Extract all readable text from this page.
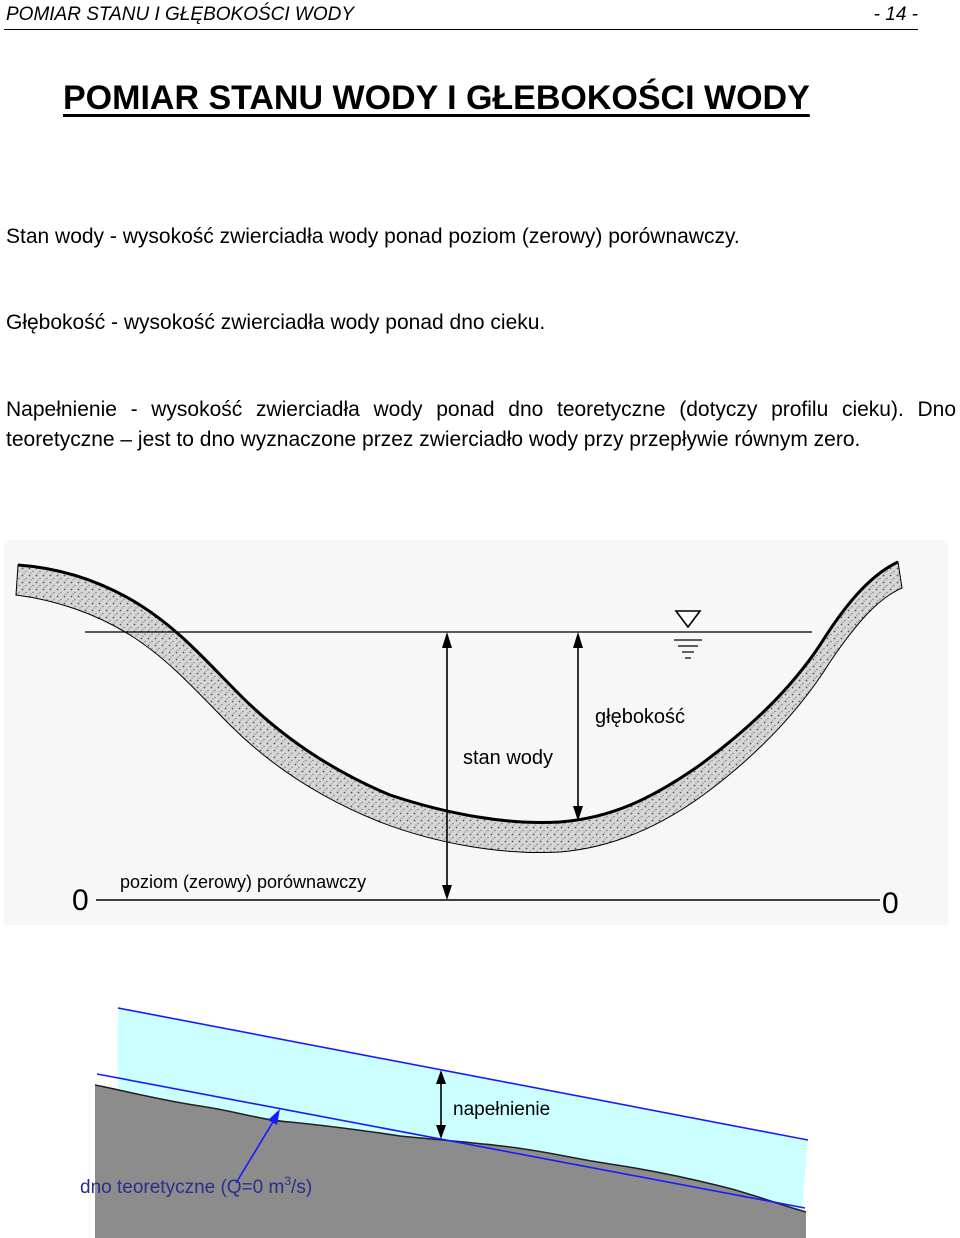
POMIAR STANU I GŁĘBOKOŚCI WODY	- 14 -
POMIAR STANU WODY I GŁEBOKOŚCI WODY

Stan wody - wysokość zwierciadła wody ponad poziom (zerowy) porównawczy.

Głębokość - wysokość zwierciadła wody ponad dno cieku.

Napełnienie - wysokość zwierciadła wody ponad dno teoretyczne (dotyczy profilu cieku). Dno teoretyczne – jest to dno wyznaczone przez zwierciadło wody przy przepływie równym zero.

0	0
głębokość
stan wody
poziom (zerowy) porównawczy
napełnienie
dno teoretyczne (Q=0 $m^3/s$)
